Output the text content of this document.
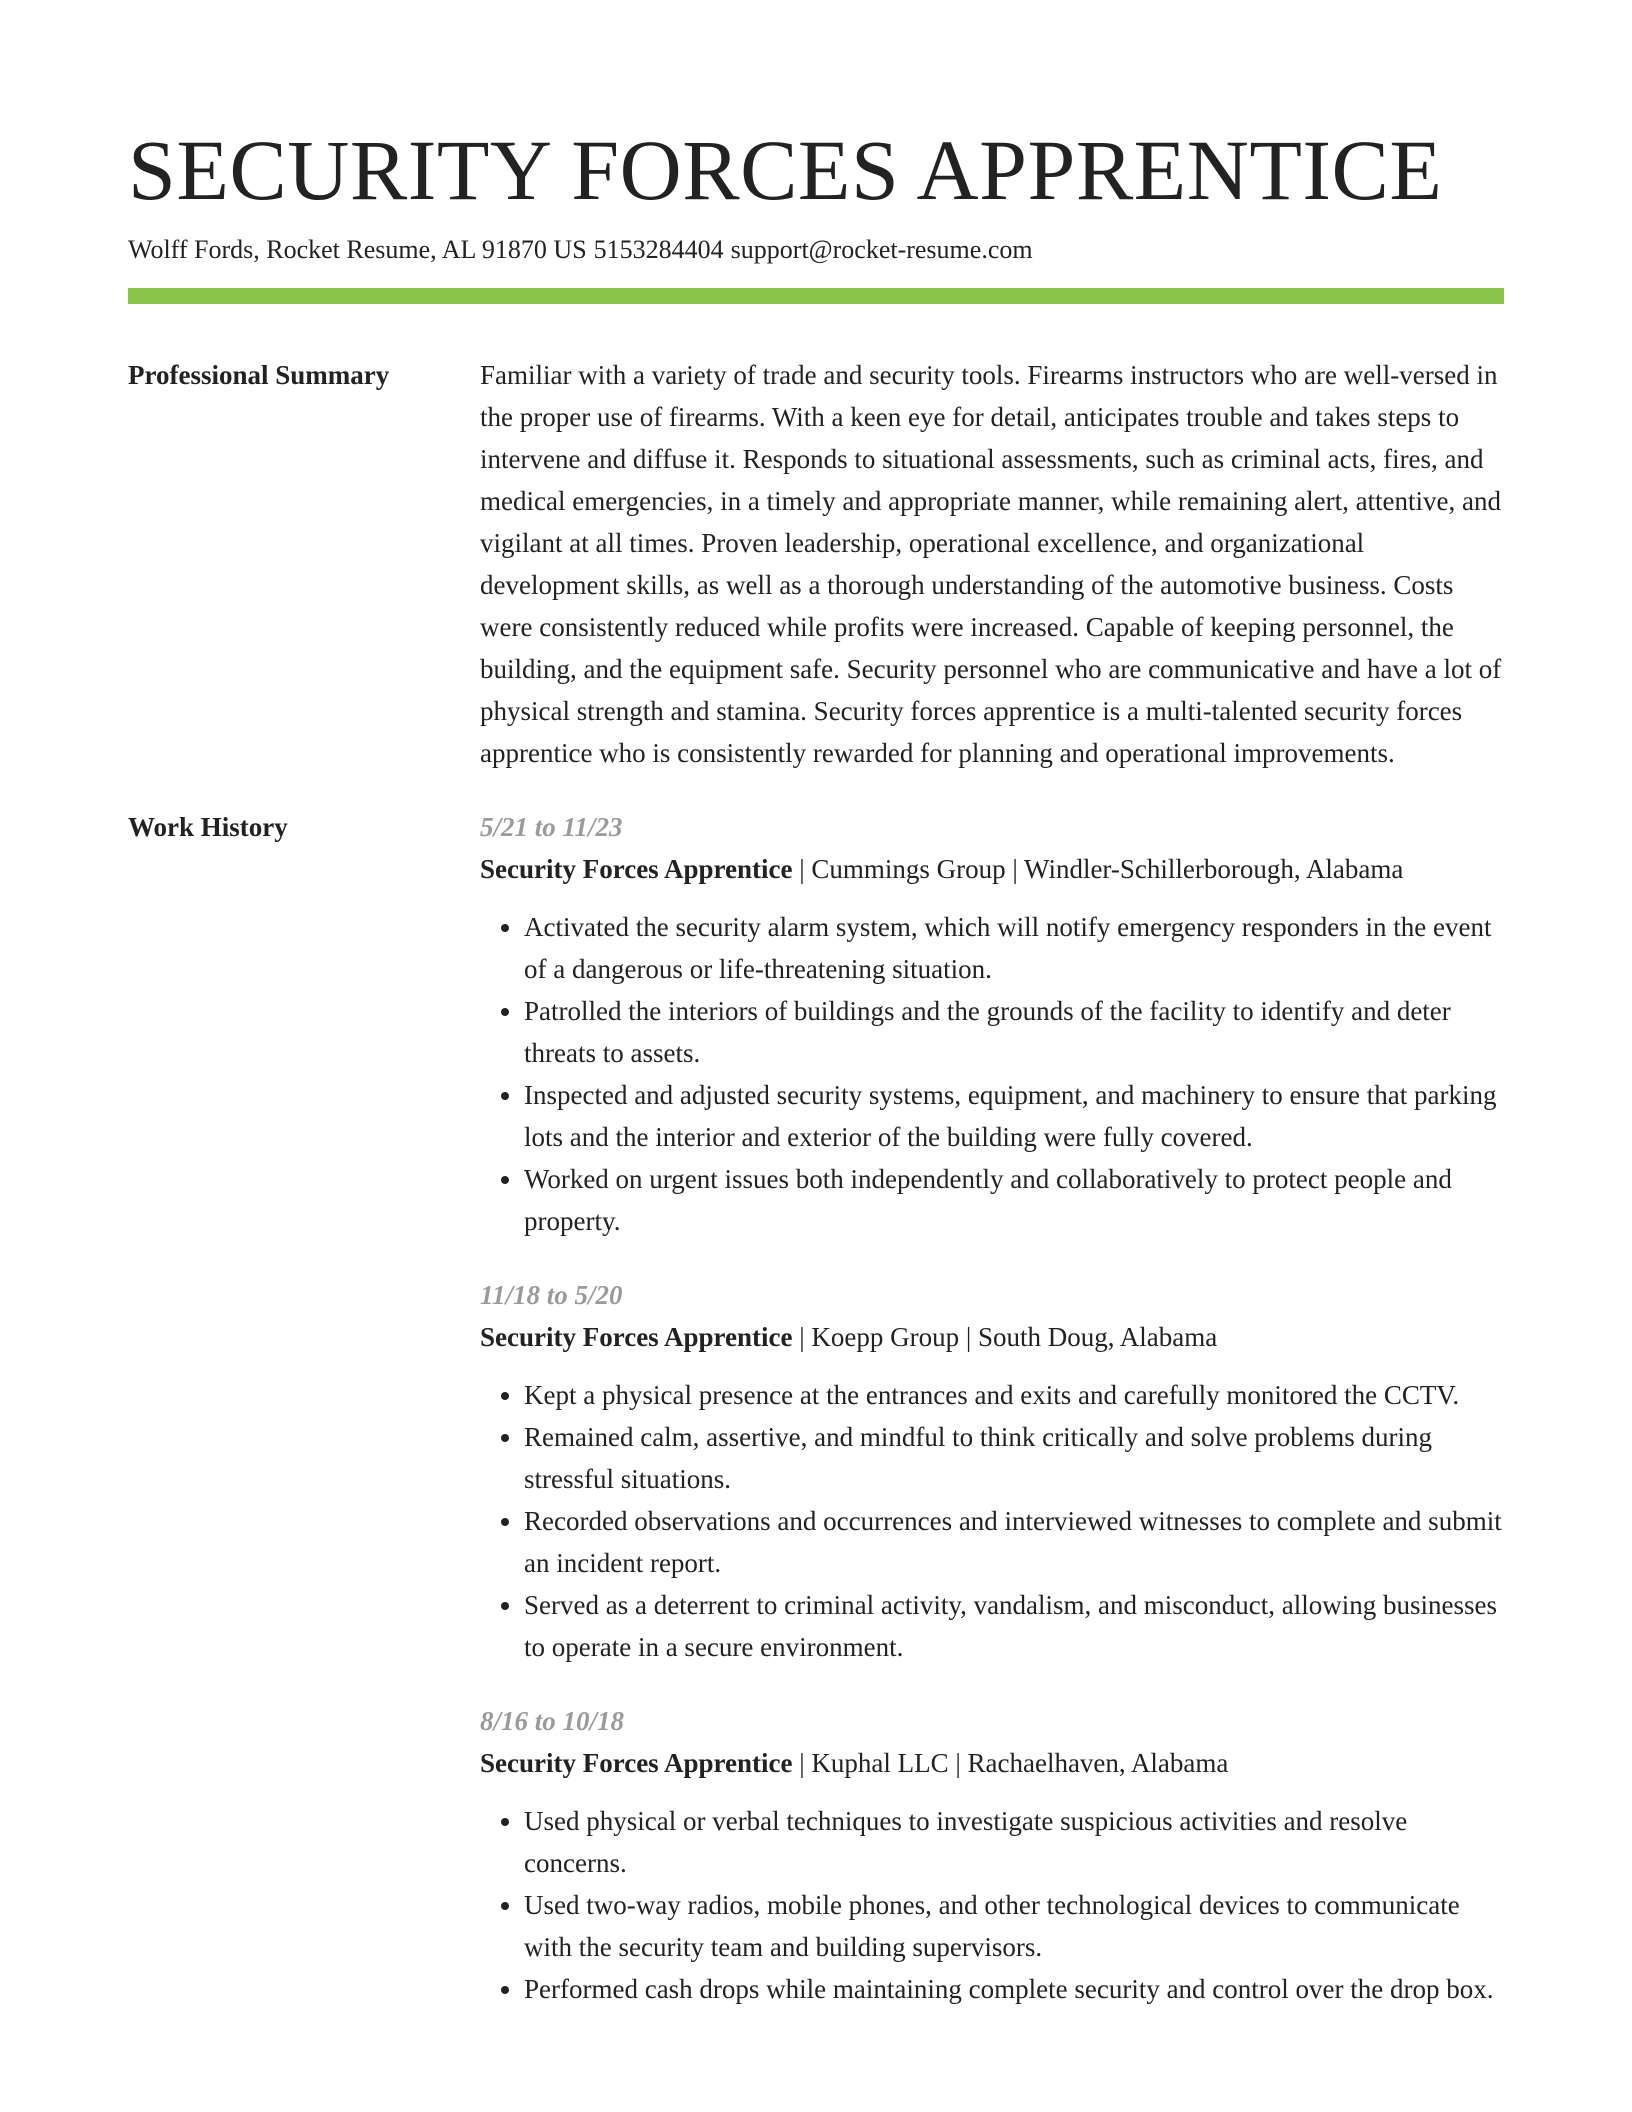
SECURITY FORCES APPRENTICE
Wolff Fords, Rocket Resume, AL 91870 US 5153284404 support@rocket-resume.com
Professional Summary	Familiar with a variety of trade and security tools. Firearms instructors who are well-versed in the proper use of firearms. With a keen eye for detail, anticipates trouble and takes steps to intervene and diffuse it. Responds to situational assessments, such as criminal acts, fires, and medical emergencies, in a timely and appropriate manner, while remaining alert, attentive, and vigilant at all times. Proven leadership, operational excellence, and organizational development skills, as well as a thorough understanding of the automotive business. Costs were consistently reduced while profits were increased. Capable of keeping personnel, the building, and the equipment safe. Security personnel who are communicative and have a lot of physical strength and stamina. Security forces apprentice is a multi-talented security forces apprentice who is consistently rewarded for planning and operational improvements.

Work History	5/21 to 11/23
Security Forces Apprentice | Cummings Group | Windler-Schillerborough, Alabama
• Activated the security alarm system, which will notify emergency responders in the event of a dangerous or life-threatening situation.
• Patrolled the interiors of buildings and the grounds of the facility to identify and deter threats to assets.
• Inspected and adjusted security systems, equipment, and machinery to ensure that parking lots and the interior and exterior of the building were fully covered.
• Worked on urgent issues both independently and collaboratively to protect people and property.
11/18 to 5/20
Security Forces Apprentice | Koepp Group | South Doug, Alabama
• Kept a physical presence at the entrances and exits and carefully monitored the CCTV.
• Remained calm, assertive, and mindful to think critically and solve problems during stressful situations.
• Recorded observations and occurrences and interviewed witnesses to complete and submit an incident report.
• Served as a deterrent to criminal activity, vandalism, and misconduct, allowing businesses to operate in a secure environment.
8/16 to 10/18
Security Forces Apprentice | Kuphal LLC | Rachaelhaven, Alabama
• Used physical or verbal techniques to investigate suspicious activities and resolve concerns.
• Used two-way radios, mobile phones, and other technological devices to communicate with the security team and building supervisors.
• Performed cash drops while maintaining complete security and control over the drop box.
